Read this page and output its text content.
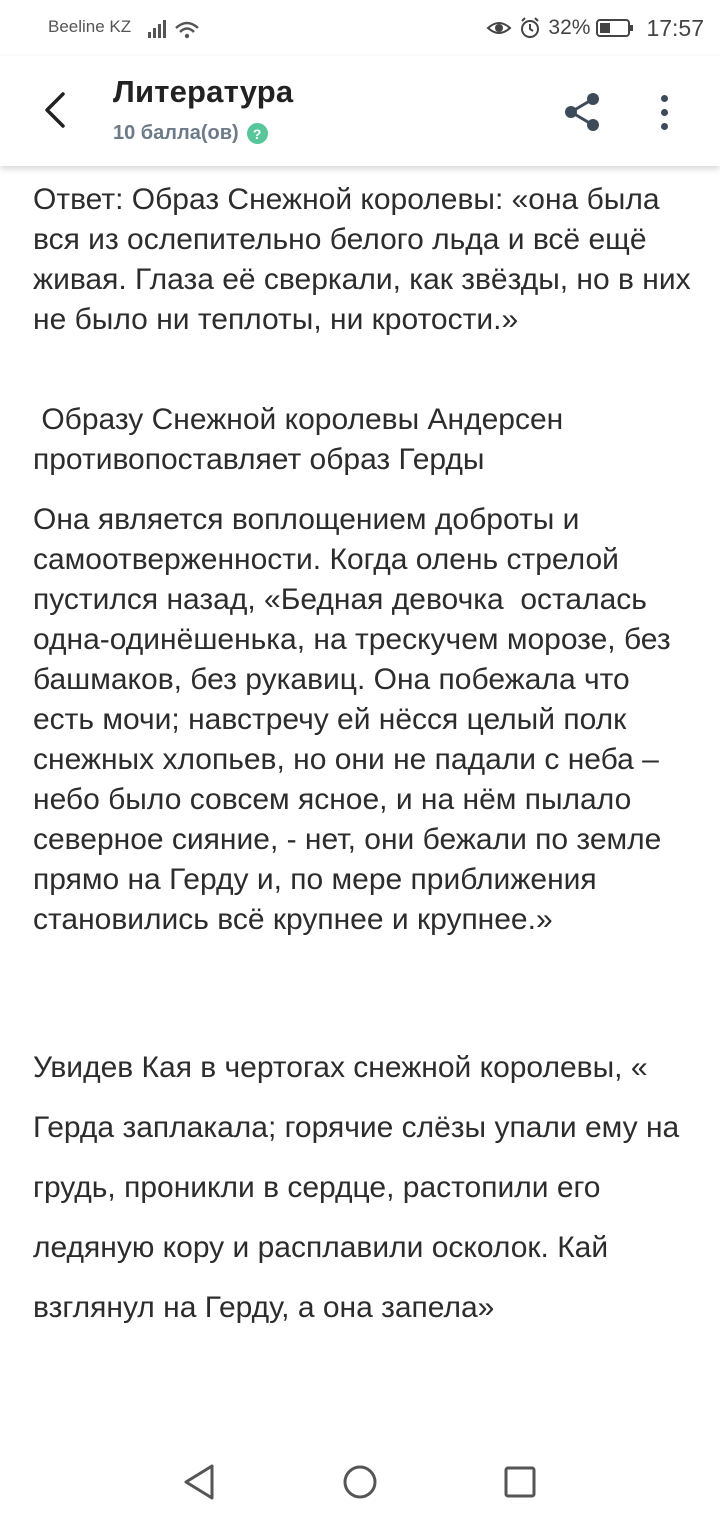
Beeline KZ	32% 17:57
Литература
10 балла(ов)	?

Ответ: Образ Снежной королевы: «она была вся из ослепительно белого льда и всё ещё живая. Глаза её сверкали, как звёзды, но в них не было ни теплоты, ни кротости.»

Образу Снежной королевы Андерсен противопоставляет образ Герды

Она является воплощением доброты и самоотверженности. Когда олень стрелой пустился назад, «Бедная девочка  осталась одна-одинёшенька, на трескучем морозе, без башмаков, без рукавиц. Она побежала что есть мочи; навстречу ей нёсся целый полк снежных хлопьев, но они не падали с неба – небо было совсем ясное, и на нём пылало северное сияние, - нет, они бежали по земле прямо на Герду и, по мере приближения становились всё крупнее и крупнее.»

Увидев Кая в чертогах снежной королевы, « Герда заплакала; горячие слёзы упали ему на грудь, проникли в сердце, растопили его ледяную кору и расплавили осколок. Кай взглянул на Герду, а она запела»
